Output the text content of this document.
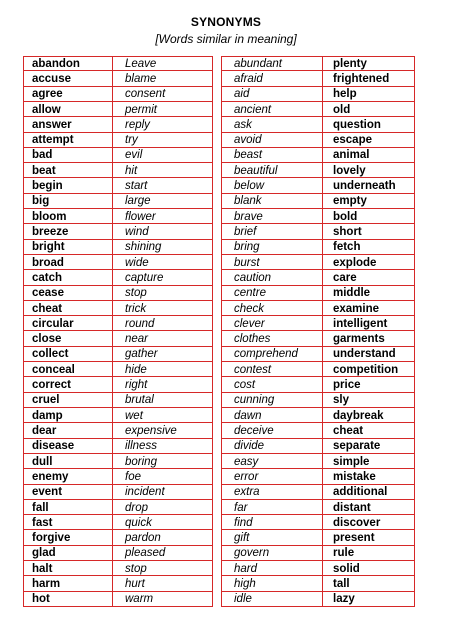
SYNONYMS
[Words similar in meaning]
abandon	Leave	abundant	plenty
accuse	blame	afraid	frightened
agree	consent	aid	help
allow	permit	ancient	old
answer	reply	ask	question
attempt	try	avoid	escape
bad	evil	beast	animal
beat	hit	beautiful	lovely
begin	start	below	underneath
big	large	blank	empty
bloom	flower	brave	bold
breeze	wind	brief	short
bright	shining	bring	fetch
broad	wide	burst	explode
catch	capture	caution	care
cease	stop	centre	middle
cheat	trick	check	examine
circular	round	clever	intelligent
close	near	clothes	garments
collect	gather	comprehend	understand
conceal	hide	contest	competition
correct	right	cost	price
cruel	brutal	cunning	sly
damp	wet	dawn	daybreak
dear	expensive	deceive	cheat
disease	illness	divide	separate
dull	boring	easy	simple
enemy	foe	error	mistake
event	incident	extra	additional
fall	drop	far	distant
fast	quick	find	discover
forgive	pardon	gift	present
glad	pleased	govern	rule
halt	stop	hard	solid
harm	hurt	high	tall
hot	warm	idle	lazy
